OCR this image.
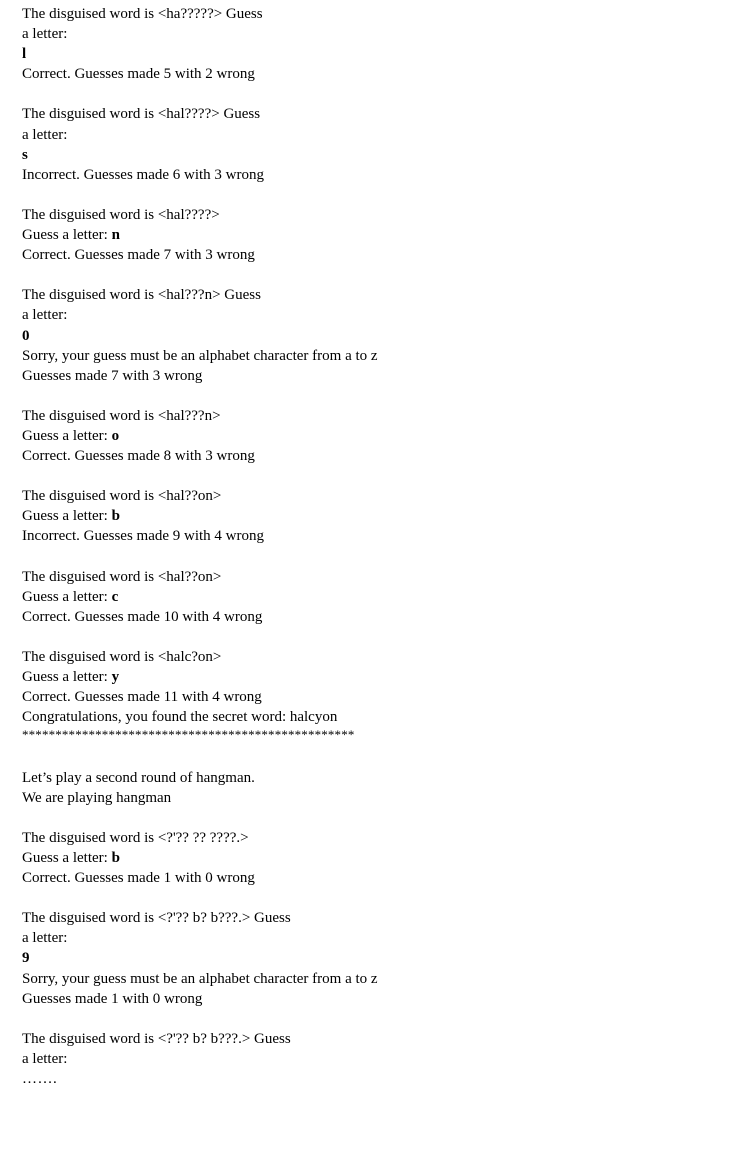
The disguised word is <ha?????> Guess
a letter:
l
Correct. Guesses made 5 with 2 wrong
The disguised word is <hal????> Guess
a letter:
s
Incorrect. Guesses made 6 with 3 wrong
The disguised word is <hal????>
Guess a letter: n
Correct. Guesses made 7 with 3 wrong
The disguised word is <hal???n> Guess
a letter:
0
Sorry, your guess must be an alphabet character from a to z
Guesses made 7 with 3 wrong
The disguised word is <hal???n>
Guess a letter: o
Correct. Guesses made 8 with 3 wrong
The disguised word is <hal??on>
Guess a letter: b
Incorrect. Guesses made 9 with 4 wrong
The disguised word is <hal??on>
Guess a letter: c
Correct. Guesses made 10 with 4 wrong
The disguised word is <halc?on>
Guess a letter: y
Correct. Guesses made 11 with 4 wrong
Congratulations, you found the secret word: halcyon
**************************************************
Let’s play a second round of hangman.
We are playing hangman
The disguised word is <?'?? ?? ????.>
Guess a letter: b
Correct. Guesses made 1 with 0 wrong
The disguised word is <?'?? b? b???.> Guess
a letter:
9
Sorry, your guess must be an alphabet character from a to z
Guesses made 1 with 0 wrong
The disguised word is <?'?? b? b???.> Guess
a letter:
…….
